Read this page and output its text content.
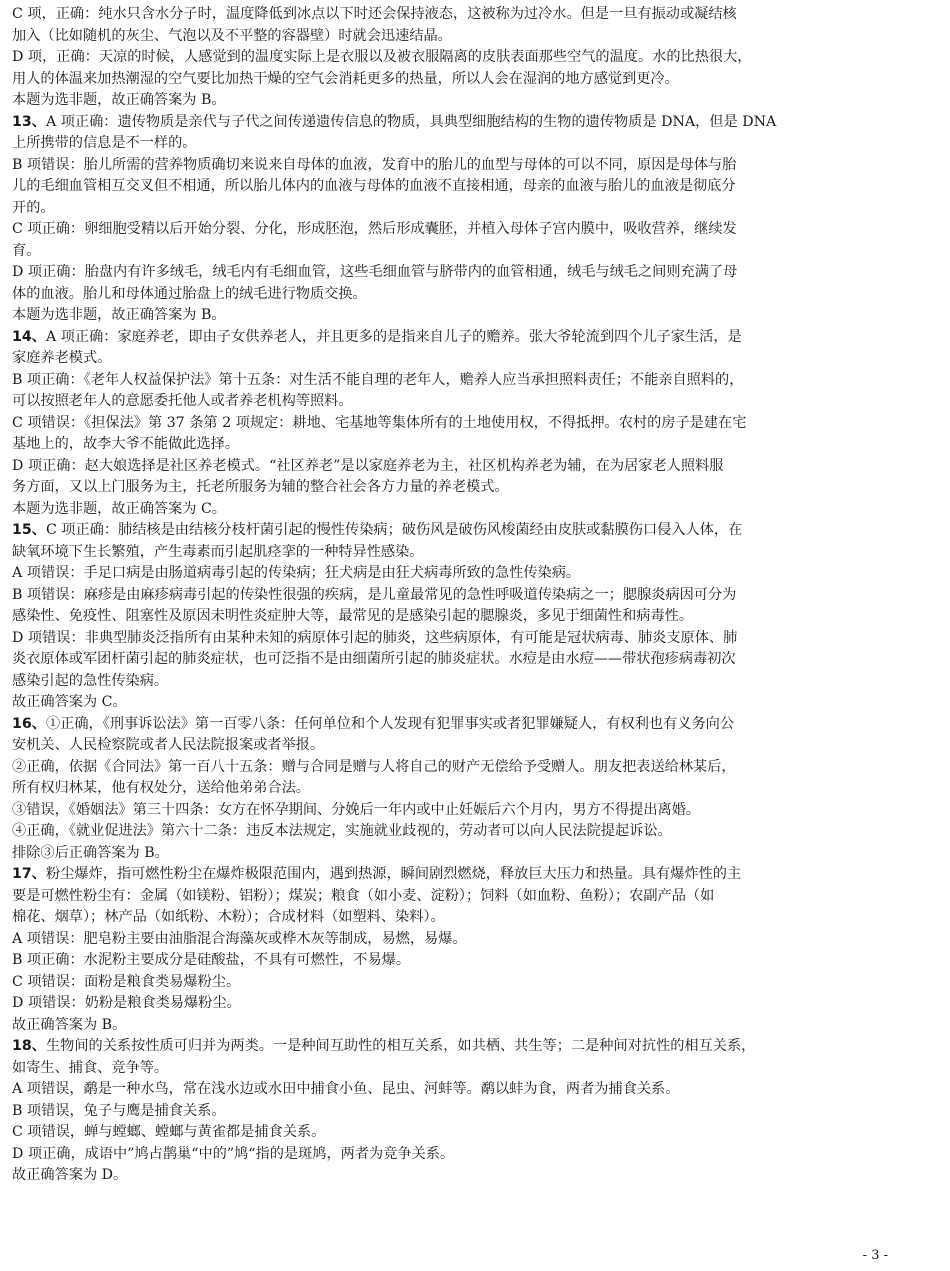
C 项，正确：纯水只含水分子时，温度降低到冰点以下时还会保持液态，这被称为过冷水。但是一旦有振动或凝结核
加入（比如随机的灰尘、气泡以及不平整的容器壁）时就会迅速结晶。
D 项，正确：天凉的时候，人感觉到的温度实际上是衣服以及被衣服隔离的皮肤表面那些空气的温度。水的比热很大，
用人的体温来加热潮湿的空气要比加热干燥的空气会消耗更多的热量，所以人会在湿润的地方感觉到更冷。
本题为选非题，故正确答案为 B。
13、A 项正确：遗传物质是亲代与子代之间传递遗传信息的物质，具典型细胞结构的生物的遗传物质是 DNA，但是 DNA
上所携带的信息是不一样的。
B 项错误：胎儿所需的营养物质确切来说来自母体的血液，发育中的胎儿的血型与母体的可以不同，原因是母体与胎
儿的毛细血管相互交叉但不相通，所以胎儿体内的血液与母体的血液不直接相通，母亲的血液与胎儿的血液是彻底分
开的。
C 项正确：卵细胞受精以后开始分裂、分化，形成胚泡，然后形成囊胚，并植入母体子宫内膜中，吸收营养，继续发
育。
D 项正确：胎盘内有许多绒毛，绒毛内有毛细血管，这些毛细血管与脐带内的血管相通，绒毛与绒毛之间则充满了母
体的血液。胎儿和母体通过胎盘上的绒毛进行物质交换。
本题为选非题，故正确答案为 B。
14、A 项正确：家庭养老，即由子女供养老人，并且更多的是指来自儿子的赡养。张大爷轮流到四个儿子家生活，是
家庭养老模式。
B 项正确：《老年人权益保护法》第十五条：对生活不能自理的老年人，赡养人应当承担照料责任；不能亲自照料的，
可以按照老年人的意愿委托他人或者养老机构等照料。
C 项错误：《担保法》第 37 条第 2 项规定：耕地、宅基地等集体所有的土地使用权，不得抵押。农村的房子是建在宅
基地上的，故李大爷不能做此选择。
D 项正确：赵大娘选择是社区养老模式。“社区养老”是以家庭养老为主，社区机构养老为辅，在为居家老人照料服
务方面，又以上门服务为主，托老所服务为辅的整合社会各方力量的养老模式。
本题为选非题，故正确答案为 C。
15、C 项正确：肺结核是由结核分枝杆菌引起的慢性传染病；破伤风是破伤风梭菌经由皮肤或黏膜伤口侵入人体，在
缺氧环境下生长繁殖，产生毒素而引起肌痉挛的一种特异性感染。
A 项错误：手足口病是由肠道病毒引起的传染病；狂犬病是由狂犬病毒所致的急性传染病。
B 项错误：麻疹是由麻疹病毒引起的传染性很强的疾病，是儿童最常见的急性呼吸道传染病之一；腮腺炎病因可分为
感染性、免疫性、阻塞性及原因未明性炎症肿大等，最常见的是感染引起的腮腺炎，多见于细菌性和病毒性。
D 项错误：非典型肺炎泛指所有由某种未知的病原体引起的肺炎，这些病原体，有可能是冠状病毒、肺炎支原体、肺
炎衣原体或军团杆菌引起的肺炎症状，也可泛指不是由细菌所引起的肺炎症状。水痘是由水痘——带状孢疹病毒初次
感染引起的急性传染病。
故正确答案为 C。
16、①正确，《刑事诉讼法》第一百零八条：任何单位和个人发现有犯罪事实或者犯罪嫌疑人，有权利也有义务向公
安机关、人民检察院或者人民法院报案或者举报。
②正确，依据《合同法》第一百八十五条：赠与合同是赠与人将自己的财产无偿给予受赠人。朋友把表送给林某后，
所有权归林某，他有权处分，送给他弟弟合法。
③错误，《婚姻法》第三十四条：女方在怀孕期间、分娩后一年内或中止妊娠后六个月内，男方不得提出离婚。
④正确，《就业促进法》第六十二条：违反本法规定，实施就业歧视的，劳动者可以向人民法院提起诉讼。
排除③后正确答案为 B。
17、粉尘爆炸，指可燃性粉尘在爆炸极限范围内，遇到热源，瞬间剧烈燃烧，释放巨大压力和热量。具有爆炸性的主
要是可燃性粉尘有：金属（如镁粉、铝粉）；煤炭；粮食（如小麦、淀粉）；饲料（如血粉、鱼粉）；农副产品（如
棉花、烟草）；林产品（如纸粉、木粉）；合成材料（如塑料、染料）。
A 项错误：肥皂粉主要由油脂混合海藻灰或桦木灰等制成，易燃，易爆。
B 项正确：水泥粉主要成分是硅酸盐，不具有可燃性，不易爆。
C 项错误：面粉是粮食类易爆粉尘。
D 项错误：奶粉是粮食类易爆粉尘。
故正确答案为 B。
18、生物间的关系按性质可归并为两类。一是种间互助性的相互关系，如共栖、共生等；二是种间对抗性的相互关系，
如寄生、捕食、竞争等。
A 项错误，鹬是一种水鸟，常在浅水边或水田中捕食小鱼、昆虫、河蚌等。鹬以蚌为食，两者为捕食关系。
B 项错误，兔子与鹰是捕食关系。
C 项错误，蝉与螳螂、螳螂与黄雀都是捕食关系。
D 项正确，成语中”鸠占鹊巢“中的”鸠“指的是斑鸠，两者为竞争关系。
故正确答案为 D。
- 3 -
